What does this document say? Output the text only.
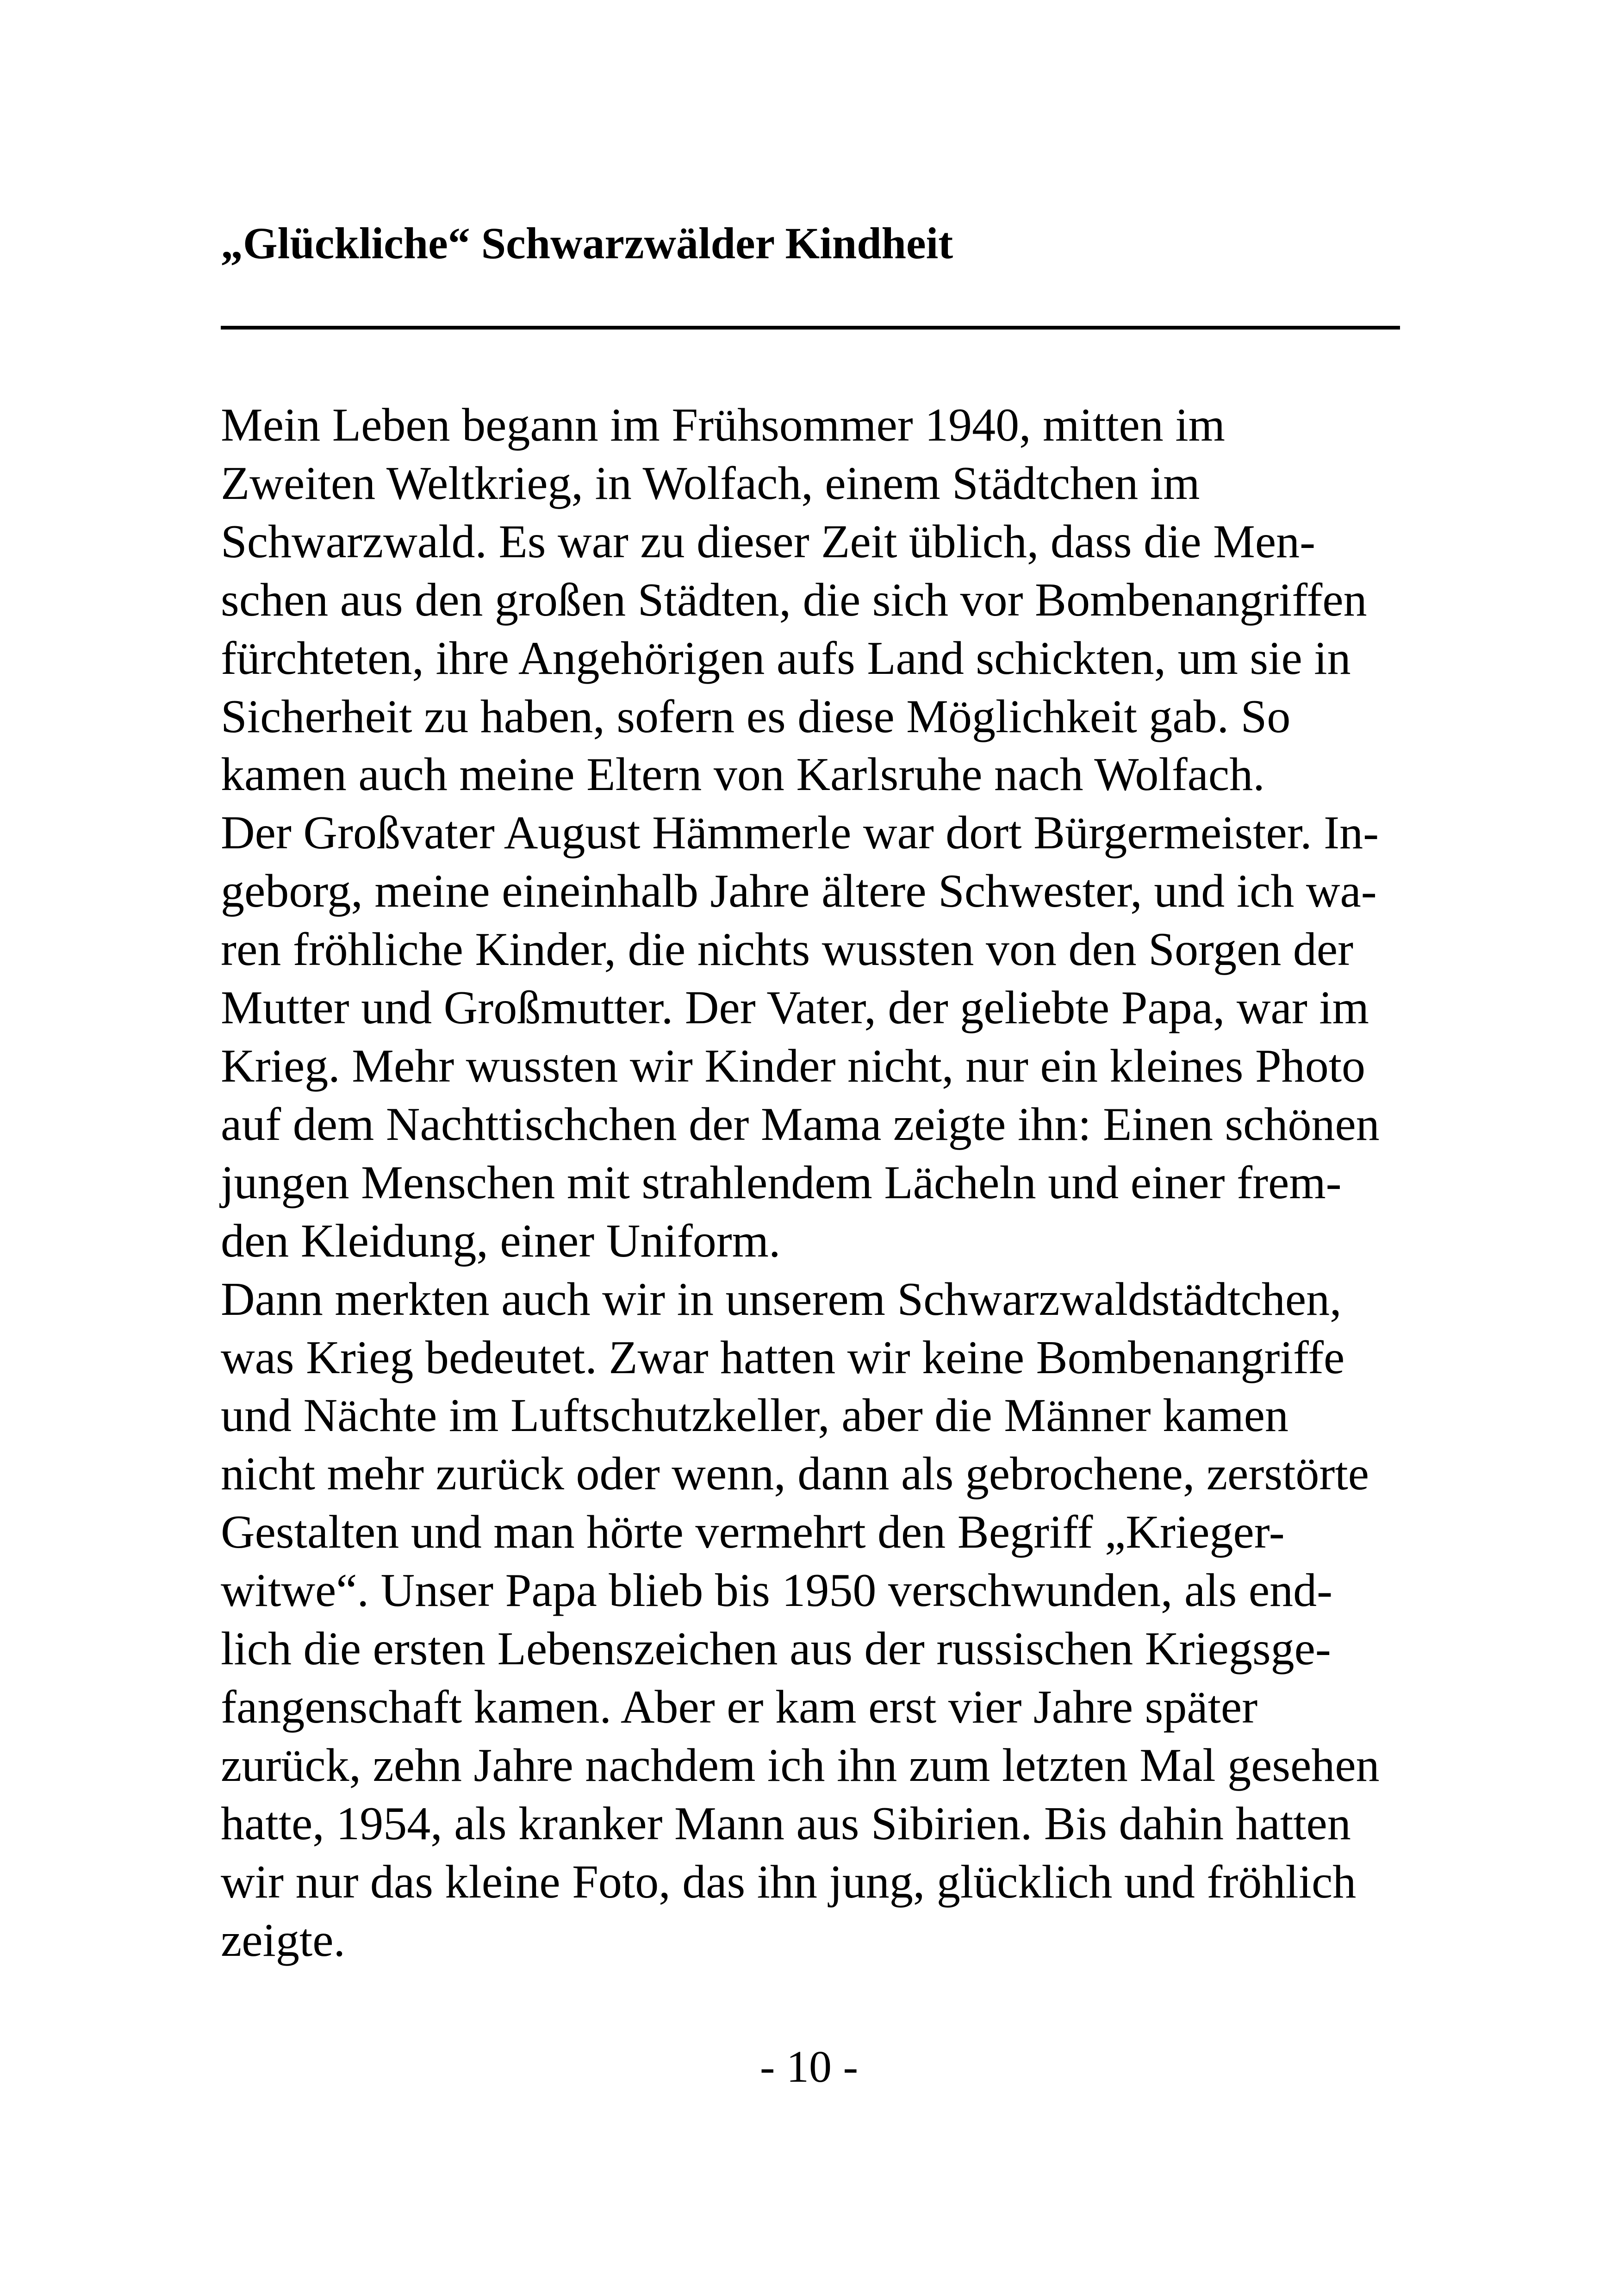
„Glückliche“ Schwarzwälder Kindheit
Mein Leben begann im Frühsommer 1940, mitten im
Zweiten Weltkrieg, in Wolfach, einem Städtchen im
Schwarzwald. Es war zu dieser Zeit üblich, dass die Men-
schen aus den großen Städten, die sich vor Bombenangriffen
fürchteten, ihre Angehörigen aufs Land schickten, um sie in
Sicherheit zu haben, sofern es diese Möglichkeit gab. So
kamen auch meine Eltern von Karlsruhe nach Wolfach.
Der Großvater August Hämmerle war dort Bürgermeister. In-
geborg, meine eineinhalb Jahre ältere Schwester, und ich wa-
ren fröhliche Kinder, die nichts wussten von den Sorgen der
Mutter und Großmutter. Der Vater, der geliebte Papa, war im
Krieg. Mehr wussten wir Kinder nicht, nur ein kleines Photo
auf dem Nachttischchen der Mama zeigte ihn: Einen schönen
jungen Menschen mit strahlendem Lächeln und einer frem-
den Kleidung, einer Uniform.
Dann merkten auch wir in unserem Schwarzwaldstädtchen,
was Krieg bedeutet. Zwar hatten wir keine Bombenangriffe
und Nächte im Luftschutzkeller, aber die Männer kamen
nicht mehr zurück oder wenn, dann als gebrochene, zerstörte
Gestalten und man hörte vermehrt den Begriff „Krieger-
witwe“. Unser Papa blieb bis 1950 verschwunden, als end-
lich die ersten Lebenszeichen aus der russischen Kriegsge-
fangenschaft kamen. Aber er kam erst vier Jahre später
zurück, zehn Jahre nachdem ich ihn zum letzten Mal gesehen
hatte, 1954, als kranker Mann aus Sibirien. Bis dahin hatten
wir nur das kleine Foto, das ihn jung, glücklich und fröhlich
zeigte.
- 10 -
